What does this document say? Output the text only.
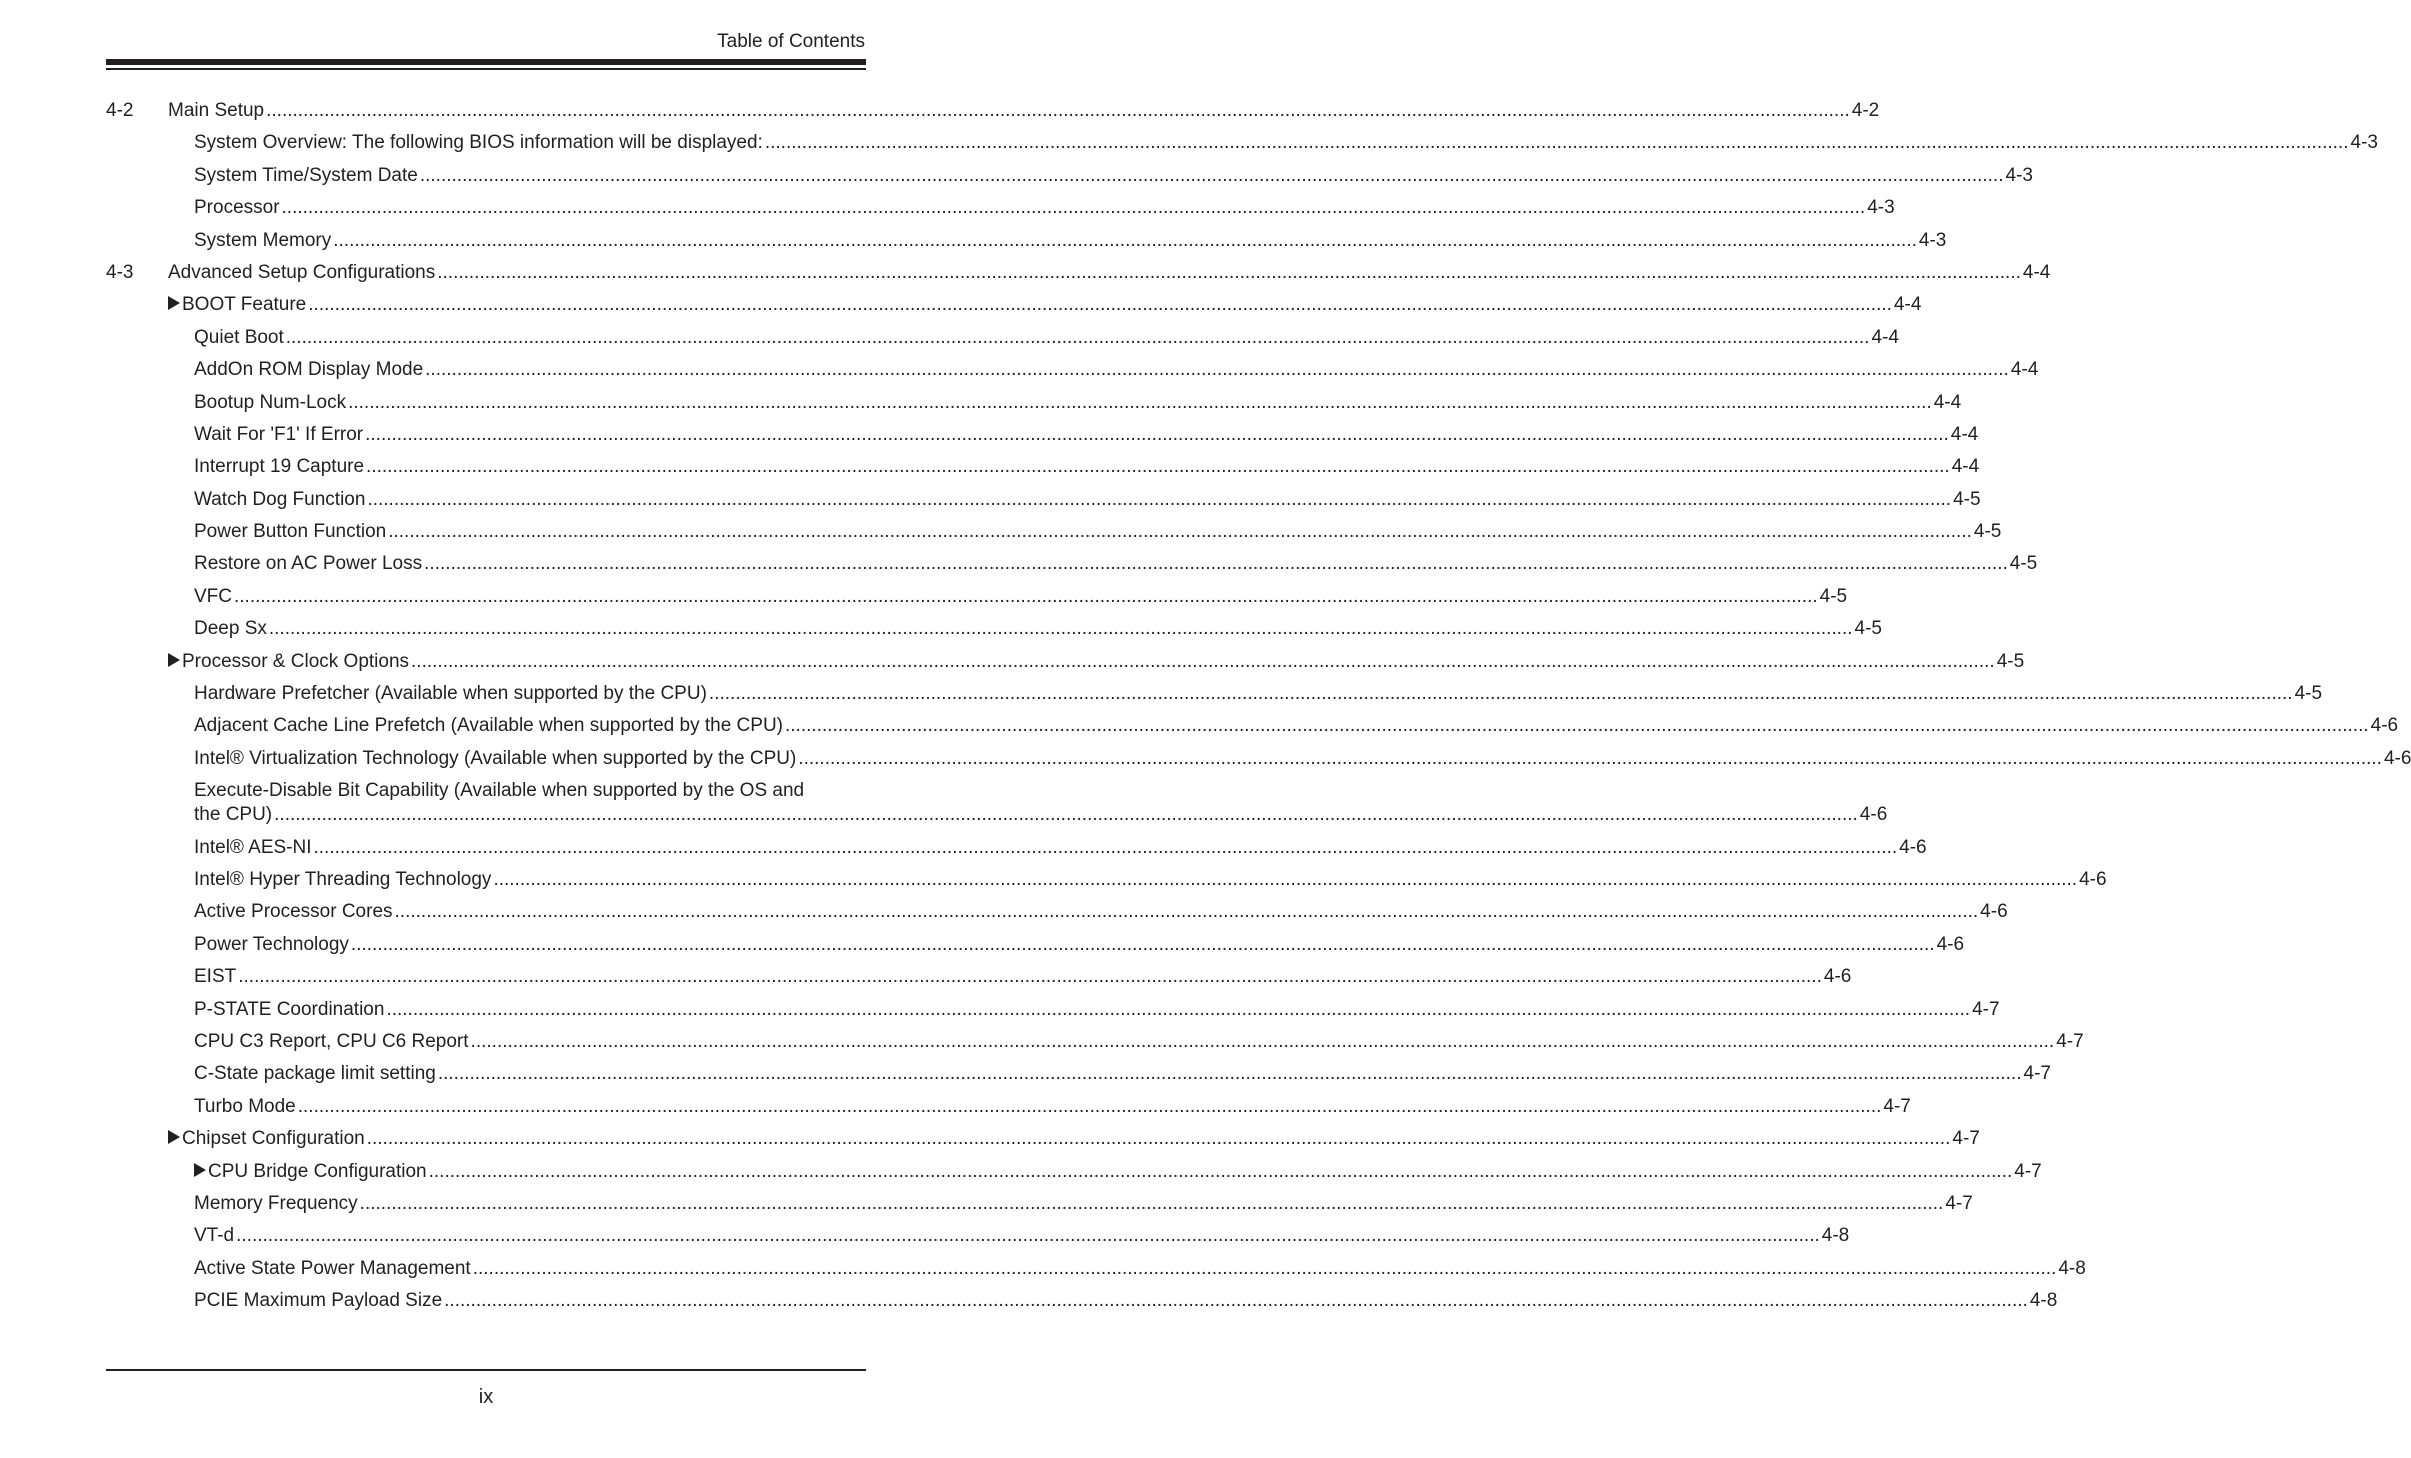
Table of Contents
4-2 Main Setup ............................................................................................................................................................................................................................................................................................................ 4-2
System Overview: The following BIOS information will be displayed: ............................................................................................................................................................................................................................................................................................................ 4-3
System Time/System Date ............................................................................................................................................................................................................................................................................................................ 4-3
Processor ............................................................................................................................................................................................................................................................................................................ 4-3
System Memory ............................................................................................................................................................................................................................................................................................................ 4-3
4-3 Advanced Setup Configurations ............................................................................................................................................................................................................................................................................................................ 4-4
BOOT Feature ............................................................................................................................................................................................................................................................................................................ 4-4
Quiet Boot ............................................................................................................................................................................................................................................................................................................ 4-4
AddOn ROM Display Mode ............................................................................................................................................................................................................................................................................................................ 4-4
Bootup Num-Lock ............................................................................................................................................................................................................................................................................................................ 4-4
Wait For 'F1' If Error ............................................................................................................................................................................................................................................................................................................ 4-4
Interrupt 19 Capture ............................................................................................................................................................................................................................................................................................................ 4-4
Watch Dog Function ............................................................................................................................................................................................................................................................................................................ 4-5
Power Button Function ............................................................................................................................................................................................................................................................................................................ 4-5
Restore on AC Power Loss ............................................................................................................................................................................................................................................................................................................ 4-5
VFC ............................................................................................................................................................................................................................................................................................................ 4-5
Deep Sx ............................................................................................................................................................................................................................................................................................................ 4-5
Processor & Clock Options ............................................................................................................................................................................................................................................................................................................ 4-5
Hardware Prefetcher (Available when supported by the CPU) ............................................................................................................................................................................................................................................................................................................ 4-5
Adjacent Cache Line Prefetch (Available when supported by the CPU) ............................................................................................................................................................................................................................................................................................................ 4-6
Intel® Virtualization Technology (Available when supported by the CPU) ............................................................................................................................................................................................................................................................................................................ 4-6
Execute-Disable Bit Capability (Available when supported by the OS and
the CPU) ............................................................................................................................................................................................................................................................................................................ 4-6
Intel® AES-NI ............................................................................................................................................................................................................................................................................................................ 4-6
Intel® Hyper Threading Technology ............................................................................................................................................................................................................................................................................................................ 4-6
Active Processor Cores ............................................................................................................................................................................................................................................................................................................ 4-6
Power Technology ............................................................................................................................................................................................................................................................................................................ 4-6
EIST ............................................................................................................................................................................................................................................................................................................ 4-6
P-STATE Coordination ............................................................................................................................................................................................................................................................................................................ 4-7
CPU C3 Report, CPU C6 Report ............................................................................................................................................................................................................................................................................................................ 4-7
C-State package limit setting ............................................................................................................................................................................................................................................................................................................ 4-7
Turbo Mode ............................................................................................................................................................................................................................................................................................................ 4-7
Chipset Configuration ............................................................................................................................................................................................................................................................................................................ 4-7
CPU Bridge Configuration ............................................................................................................................................................................................................................................................................................................ 4-7
Memory Frequency ............................................................................................................................................................................................................................................................................................................ 4-7
VT-d ............................................................................................................................................................................................................................................................................................................ 4-8
Active State Power Management ............................................................................................................................................................................................................................................................................................................ 4-8
PCIE Maximum Payload Size ............................................................................................................................................................................................................................................................................................................ 4-8
ix
